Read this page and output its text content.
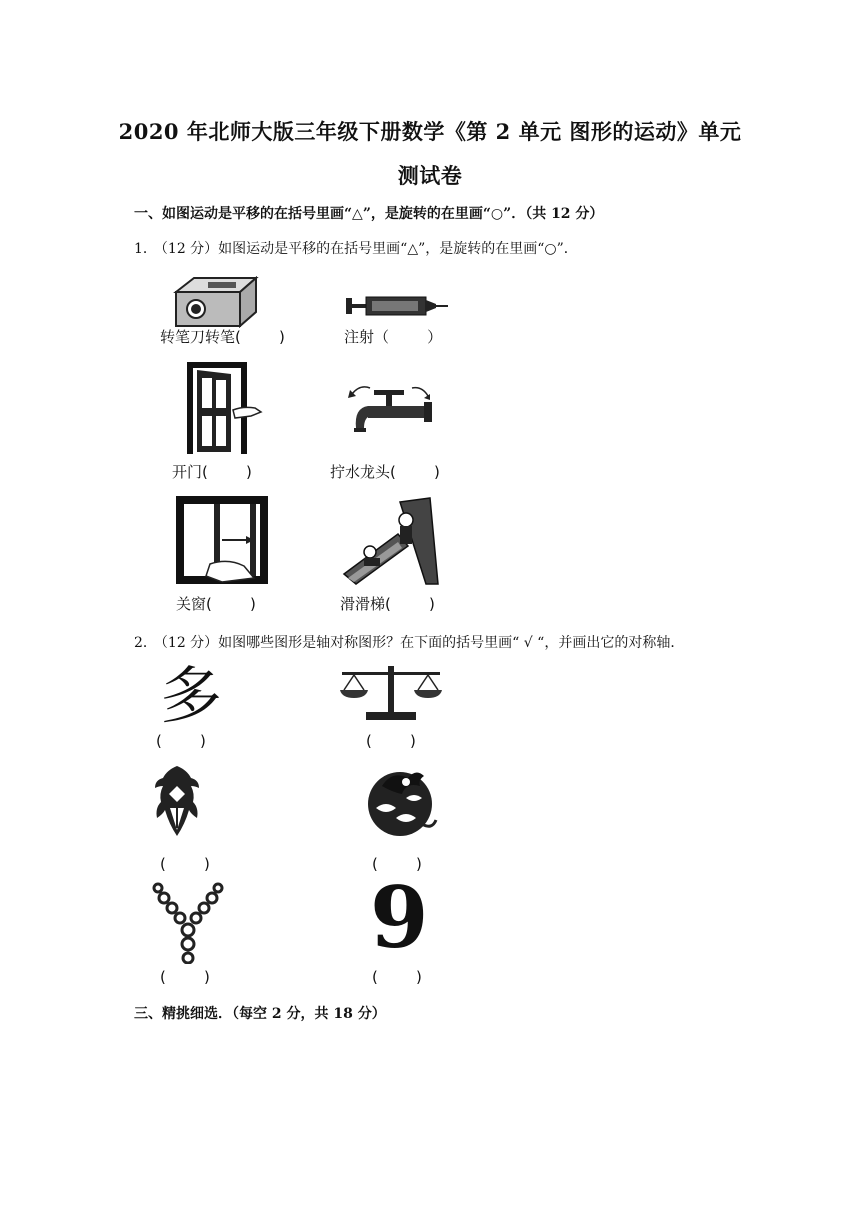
2020 年北师大版三年级下册数学《第 2 单元 图形的运动》单元
测试卷
一、如图运动是平移的在括号里画“△”，是旋转的在里画“○”．（共 12 分）
1． （12 分）如图运动是平移的在括号里画“△”，是旋转的在里画“○”．
转笔刀转笔(        )	注射（        ）
开门(        )	拧水龙头(        )
关窗(        )	滑滑梯(        )
2． （12 分）如图哪些图形是轴对称图形？在下面的括号里画“ √ “，并画出它的对称轴．
多
(        )	(        )
(        )	(        )
(        )
9
(        )
三、精挑细选．（每空 2 分，共 18 分）
